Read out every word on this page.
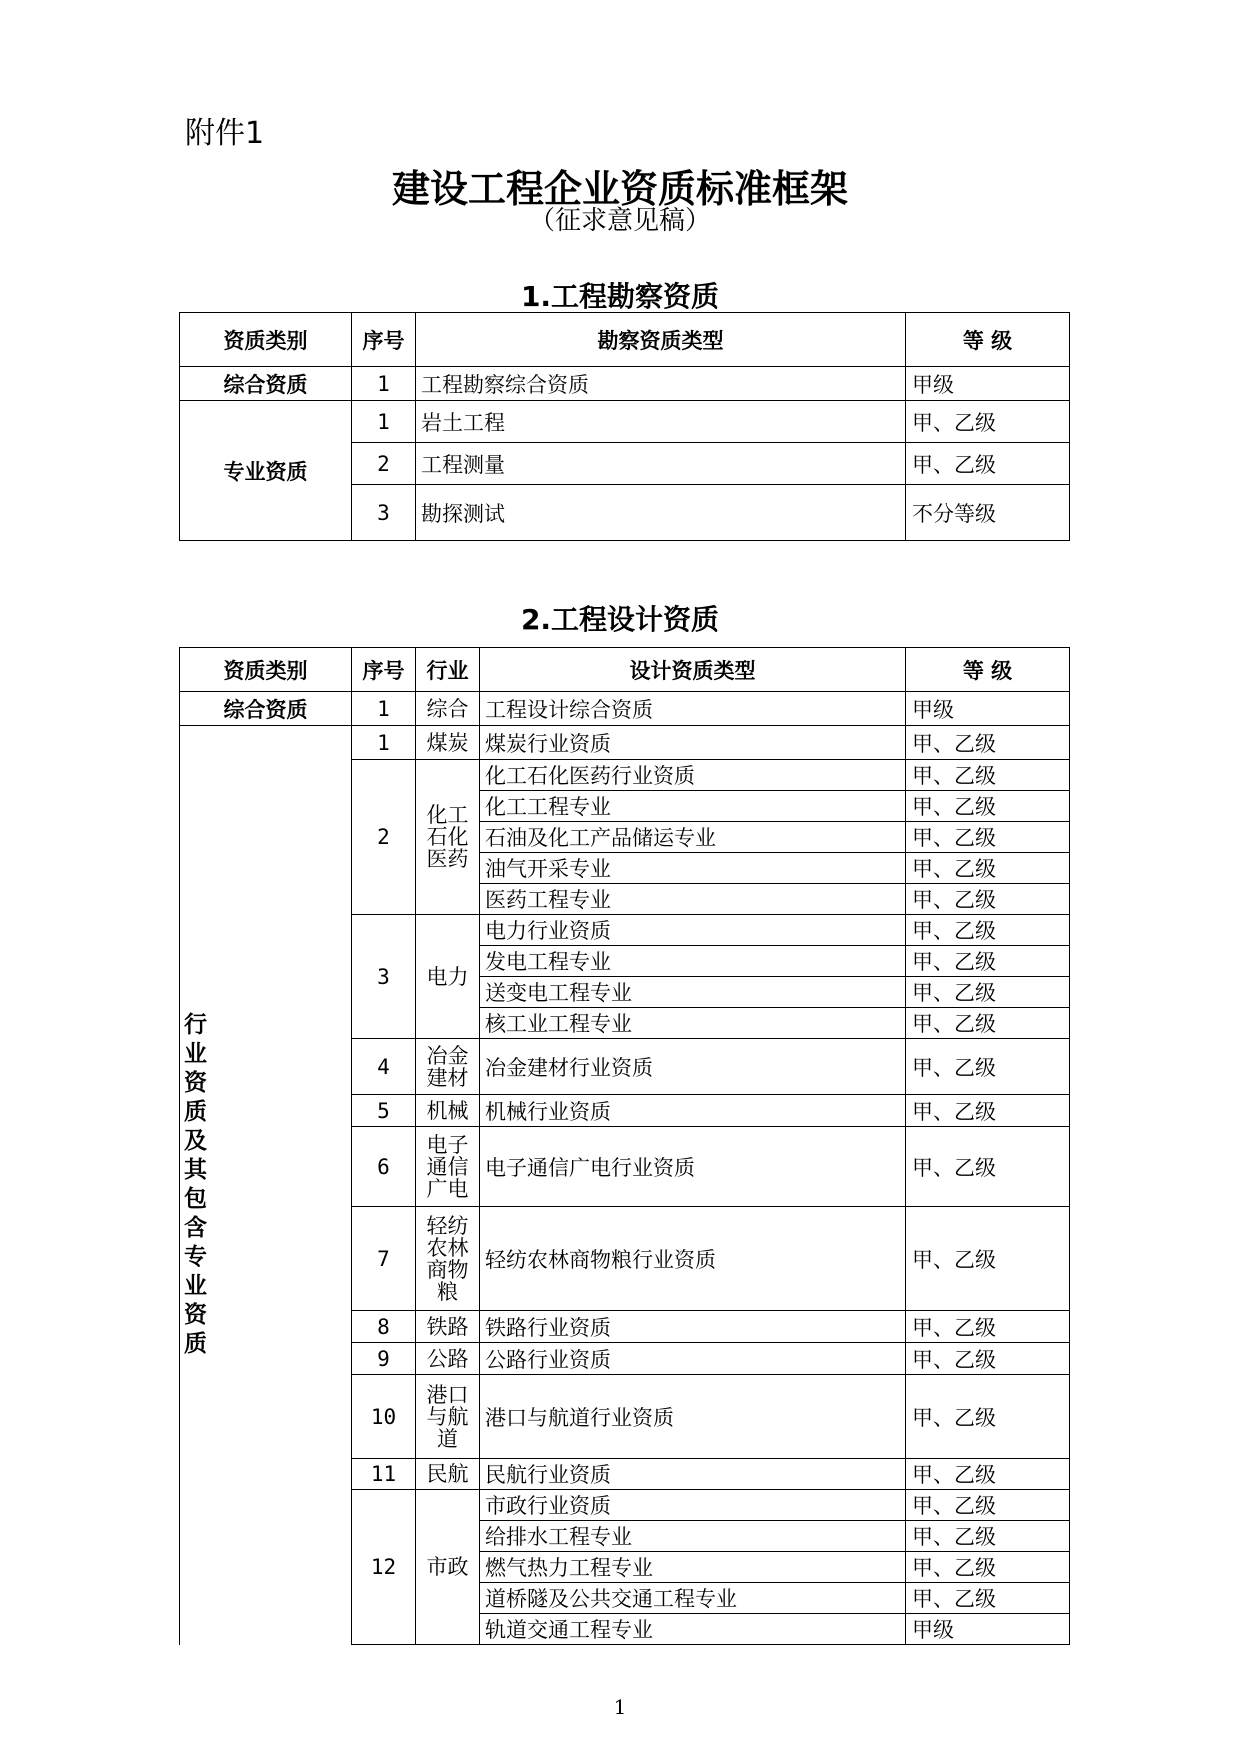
附件1
建设工程企业资质标准框架
（征求意见稿）
1.工程勘察资质
资质类别	序号	勘察资质类型	等 级
综合资质	1	工程勘察综合资质	甲级
专业资质	1	岩土工程	甲、乙级
	2	工程测量	甲、乙级
	3	勘探测试	不分等级
2.工程设计资质
资质类别	序号	行业	设计资质类型	等 级
综合资质	1	综合	工程设计综合资质	甲级
行业资质及其包含专业资质	1	煤炭	煤炭行业资质	甲、乙级
	2	化工石化医药	化工石化医药行业资质	甲、乙级
			化工工程专业	甲、乙级
			石油及化工产品储运专业	甲、乙级
			油气开采专业	甲、乙级
			医药工程专业	甲、乙级
	3	电力	电力行业资质	甲、乙级
			发电工程专业	甲、乙级
			送变电工程专业	甲、乙级
			核工业工程专业	甲、乙级
	4	冶金建材	冶金建材行业资质	甲、乙级
	5	机械	机械行业资质	甲、乙级
	6	电子通信广电	电子通信广电行业资质	甲、乙级
	7	轻纺农林商物粮	轻纺农林商物粮行业资质	甲、乙级
	8	铁路	铁路行业资质	甲、乙级
	9	公路	公路行业资质	甲、乙级
	10	港口与航道	港口与航道行业资质	甲、乙级
	11	民航	民航行业资质	甲、乙级
	12	市政	市政行业资质	甲、乙级
			给排水工程专业	甲、乙级
			燃气热力工程专业	甲、乙级
			道桥隧及公共交通工程专业	甲、乙级
			轨道交通工程专业	甲级
1
